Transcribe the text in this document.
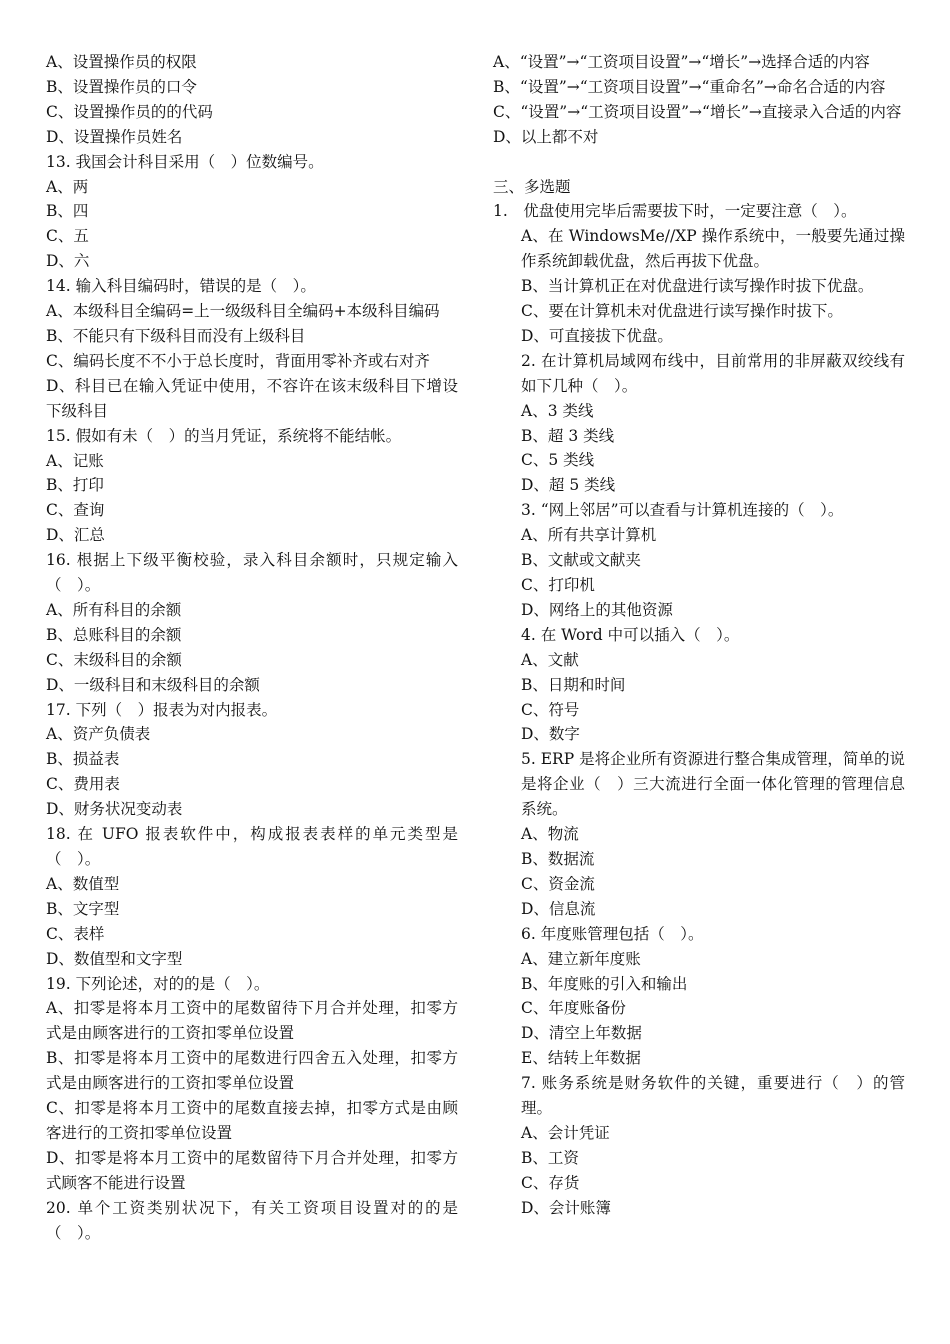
A、设置操作员的权限
B、设置操作员的口令
C、设置操作员的的代码
D、设置操作员姓名
13. 我国会计科目采用（　）位数编号。
A、两
B、四
C、五
D、六
14. 输入科目编码时，错误的是（　）。
A、本级科目全编码=上一级级科目全编码+本级科目编码
B、不能只有下级科目而没有上级科目
C、编码长度不不小于总长度时，背面用零补齐或右对齐
D、科目已在输入凭证中使用，不容许在该末级科目下增设下级科目
15. 假如有未（　）的当月凭证，系统将不能结帐。
A、记账
B、打印
C、查询
D、汇总
16. 根据上下级平衡校验，录入科目余额时，只规定输入（　）。
A、所有科目的余额
B、总账科目的余额
C、末级科目的余额
D、一级科目和末级科目的余额
17. 下列（　）报表为对内报表。
A、资产负债表
B、损益表
C、费用表
D、财务状况变动表
18. 在 UFO 报表软件中，构成报表表样的单元类型是（　）。
A、数值型
B、文字型
C、表样
D、数值型和文字型
19. 下列论述，对的的是（　）。
A、扣零是将本月工资中的尾数留待下月合并处理，扣零方式是由顾客进行的工资扣零单位设置
B、扣零是将本月工资中的尾数进行四舍五入处理，扣零方式是由顾客进行的工资扣零单位设置
C、扣零是将本月工资中的尾数直接去掉，扣零方式是由顾客进行的工资扣零单位设置
D、扣零是将本月工资中的尾数留待下月合并处理，扣零方式顾客不能进行设置
20. 单个工资类别状况下，有关工资项目设置对的的是（　）。
A、“设置”→“工资项目设置”→“增长”→选择合适的内容
B、“设置”→“工资项目设置”→“重命名”→命名合适的内容
C、“设置”→“工资项目设置”→“增长”→直接录入合适的内容
D、以上都不对
三、多选题
1.　优盘使用完毕后需要拔下时，一定要注意（　）。
A、在 WindowsMe//XP 操作系统中，一般要先通过操作系统卸载优盘，然后再拔下优盘。
B、当计算机正在对优盘进行读写操作时拔下优盘。
C、要在计算机未对优盘进行读写操作时拔下。
D、可直接拔下优盘。
2. 在计算机局域网布线中，目前常用的非屏蔽双绞线有如下几种（　）。
A、3 类线
B、超 3 类线
C、5 类线
D、超 5 类线
3. “网上邻居”可以查看与计算机连接的（　）。
A、所有共享计算机
B、文献或文献夹
C、打印机
D、网络上的其他资源
4. 在 Word 中可以插入（　）。
A、文献
B、日期和时间
C、符号
D、数字
5. ERP 是将企业所有资源进行整合集成管理，简单的说是将企业（　）三大流进行全面一体化管理的管理信息系统。
A、物流
B、数据流
C、资金流
D、信息流
6. 年度账管理包括（　）。
A、建立新年度账
B、年度账的引入和输出
C、年度账备份
D、清空上年数据
E、结转上年数据
7. 账务系统是财务软件的关键，重要进行（　）的管理。
A、会计凭证
B、工资
C、存货
D、会计账簿
